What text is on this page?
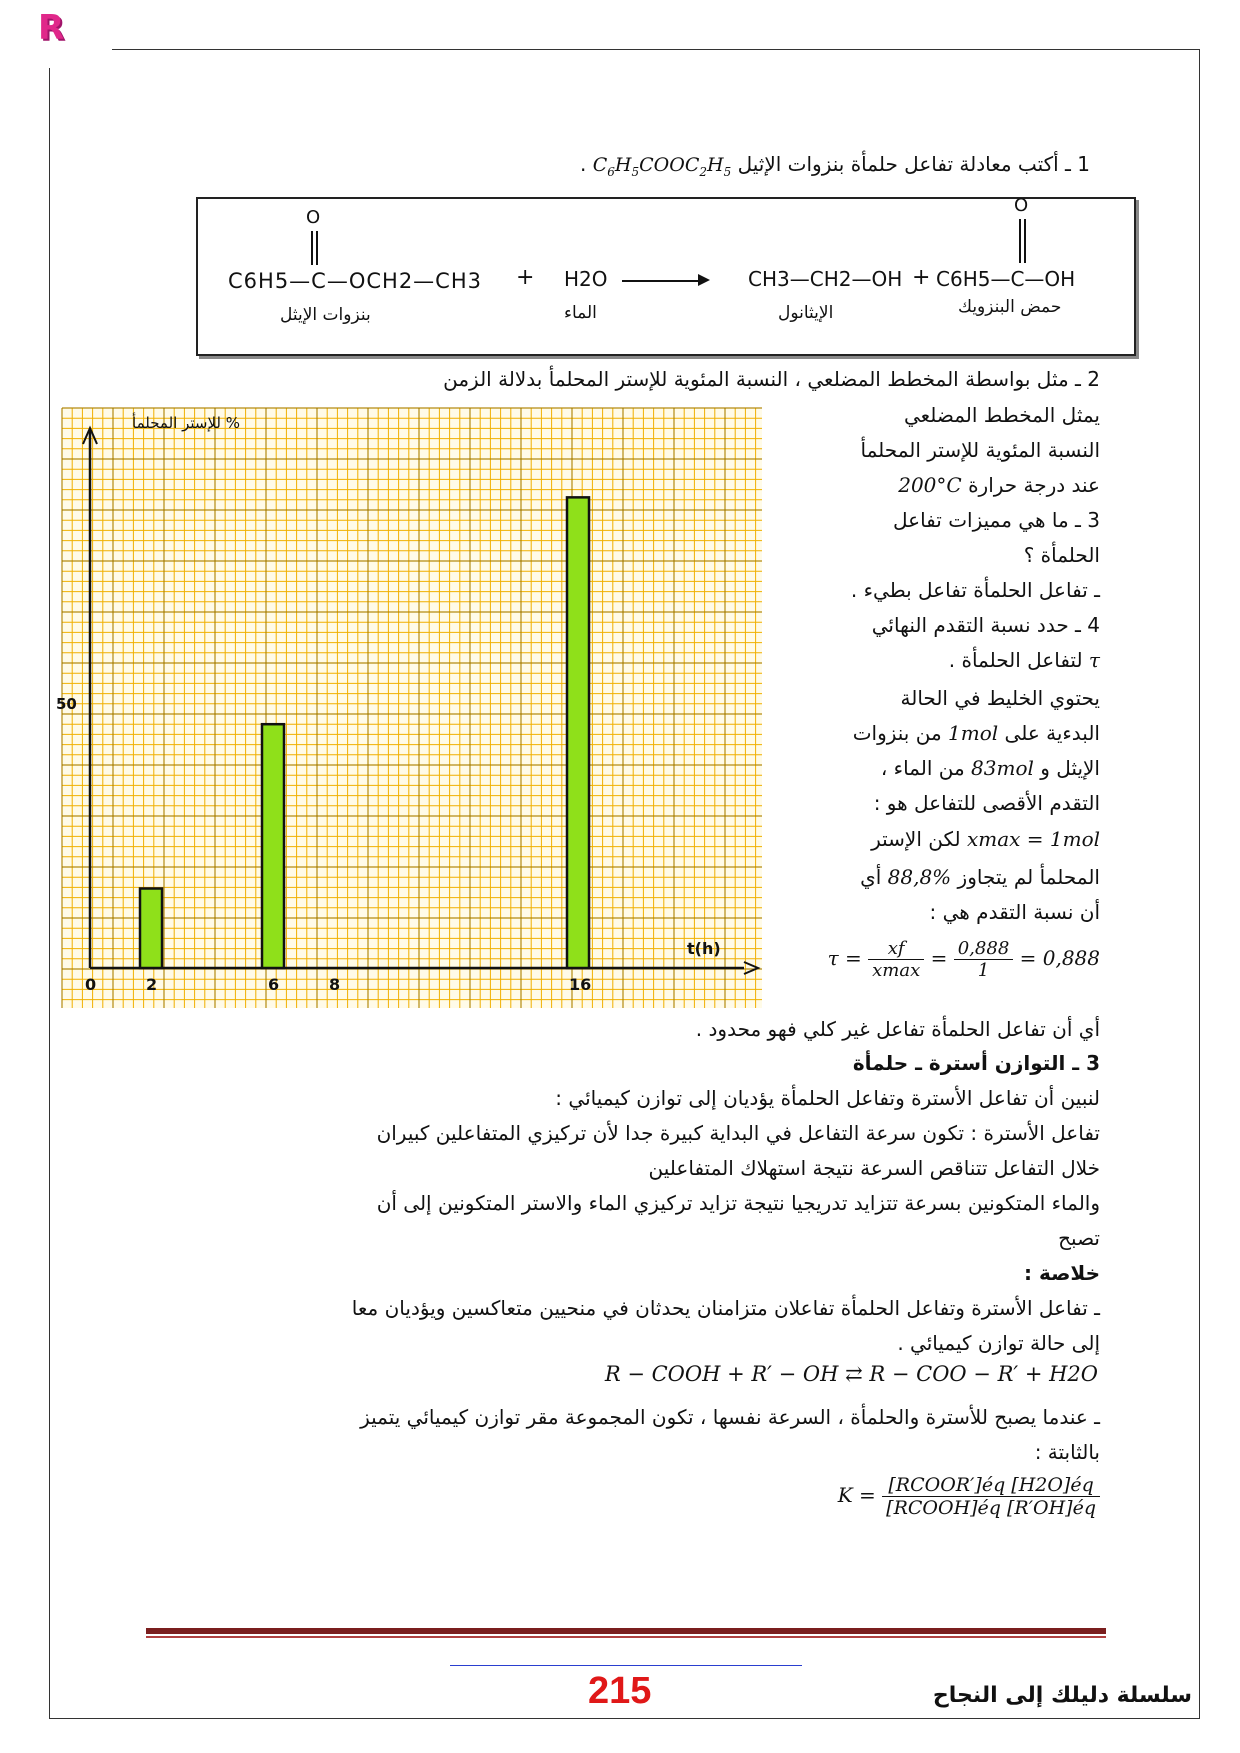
R
1 ـ أكتب معادلة تفاعل حلمأة بنزوات الإثيل $C_6H_5COOC_2H_5$ .
O
C6H5—C—OCH2—CH3 + H2O	CH3—CH2—OH +
O
C6H5—C—OH
بنزوات الإيثل	الماء	الإيثانول	حمض البنزويك
2 ـ مثل بواسطة المخطط المضلعي ، النسبة المئوية للإستر المحلمأ بدلالة الزمن
يمثل المخطط المضلعي
النسبة المئوية للإستر المحلمأ
عند درجة حرارة 200°C
3 ـ ما هي مميزات تفاعل
الحلمأة ؟
ـ تفاعل الحلمأة تفاعل بطيء .
4 ـ حدد نسبة التقدم النهائي
τ لتفاعل الحلمأة .
يحتوي الخليط في الحالة
البدءية على 1mol من بنزوات
الإيثل و 83mol من الماء ،
التقدم الأقصى للتفاعل هو :
xmax = 1mol لكن الإستر
المحلمأ لم يتجاوز 88,8% أي
أن نسبة التقدم هي :
$\tau = \frac{xf}{xmax} = \frac{0,888}{1} = 0,888$
0	2	6	8	16
50
t(h)
% للإستر المحلمأ
أي أن تفاعل الحلمأة تفاعل غير كلي فهو محدود .
3 ـ التوازن أسترة ـ حلمأة
لنبين أن تفاعل الأسترة وتفاعل الحلمأة يؤديان إلى توازن كيميائي :
تفاعل الأسترة : تكون سرعة التفاعل في البداية كبيرة جدا لأن تركيزي المتفاعلين كبيران
خلال التفاعل تتناقص السرعة نتيجة استهلاك المتفاعلين
والماء المتكونين بسرعة تتزايد تدريجيا نتيجة تزايد تركيزي الماء والاستر المتكونين إلى أن
تصبح
خلاصة :
ـ تفاعل الأسترة وتفاعل الحلمأة تفاعلان متزامنان يحدثان في منحيين متعاكسين ويؤديان معا
إلى حالة توازن كيميائي .
R − COOH + R′ − OH ⇄ R − COO − R′ + H2O
ـ عندما يصبح للأسترة والحلمأة ، السرعة نفسها ، تكون المجموعة مقر توازن كيميائي يتميز
بالثابتة :
$K = \frac{\text{[RCOOR′]éq [H2O]éq}}{\text{[RCOOH]éq [R′OH]éq}}$
215	سلسلة دليلك إلى النجاح
